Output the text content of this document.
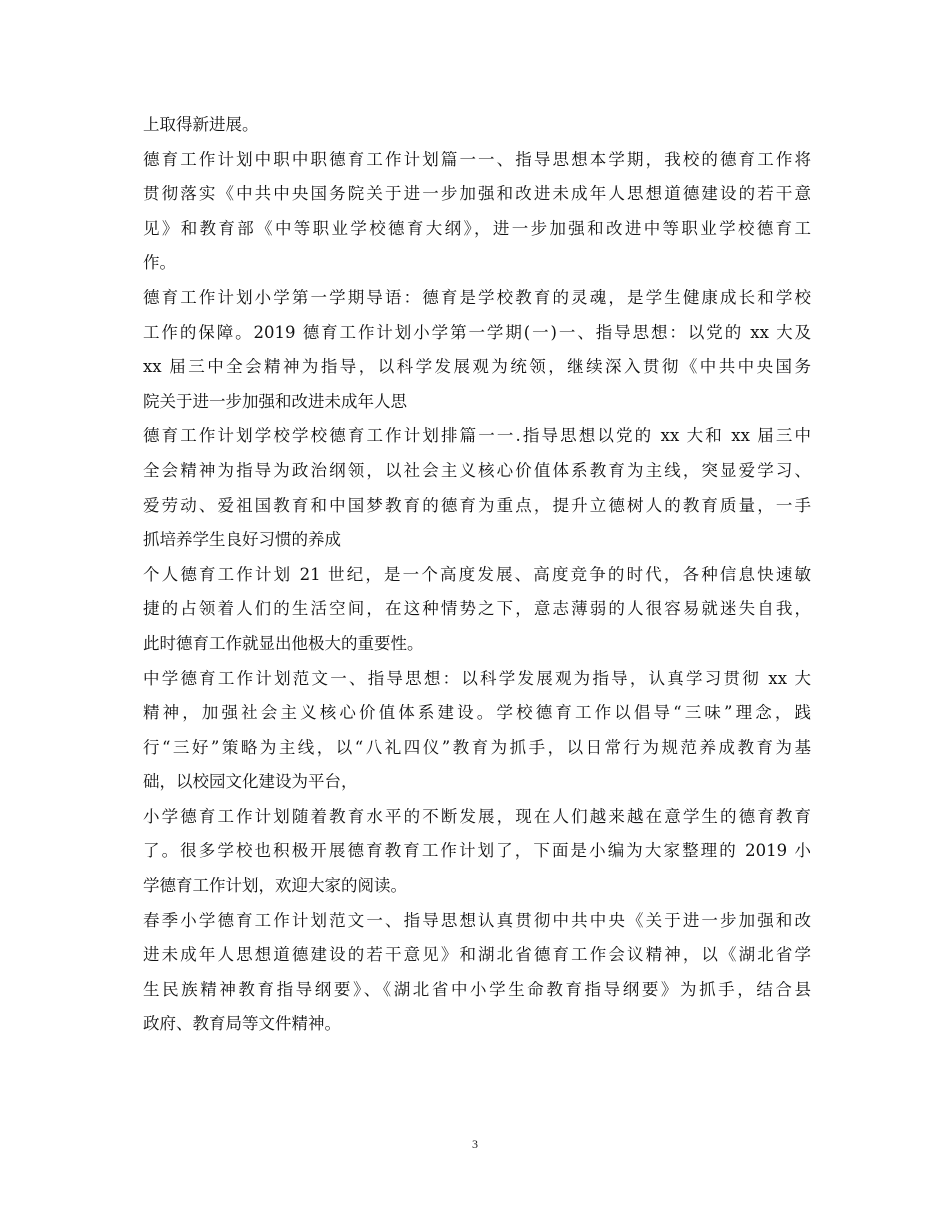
上取得新进展。
德育工作计划中职中职德育工作计划篇一一、指导思想本学期，我校的德育工作将
贯彻落实《中共中央国务院关于进一步加强和改进未成年人思想道德建设的若干意
见》和教育部《中等职业学校德育大纲》，进一步加强和改进中等职业学校德育工
作。
德育工作计划小学第一学期导语：德育是学校教育的灵魂，是学生健康成长和学校
工作的保障。2019 德育工作计划小学第一学期(一)一、指导思想：以党的 xx 大及
xx 届三中全会精神为指导，以科学发展观为统领，继续深入贯彻《中共中央国务
院关于进一步加强和改进未成年人思
德育工作计划学校学校德育工作计划排篇一一.指导思想以党的 xx 大和 xx 届三中
全会精神为指导为政治纲领，以社会主义核心价值体系教育为主线，突显爱学习、
爱劳动、爱祖国教育和中国梦教育的德育为重点，提升立德树人的教育质量，一手
抓培养学生良好习惯的养成
个人德育工作计划 21 世纪，是一个高度发展、高度竞争的时代，各种信息快速敏
捷的占领着人们的生活空间，在这种情势之下，意志薄弱的人很容易就迷失自我，
此时德育工作就显出他极大的重要性。
中学德育工作计划范文一、指导思想：以科学发展观为指导，认真学习贯彻 xx 大
精神，加强社会主义核心价值体系建设。学校德育工作以倡导“三味”理念，践
行“三好”策略为主线，以“八礼四仪”教育为抓手，以日常行为规范养成教育为基
础，以校园文化建设为平台，
小学德育工作计划随着教育水平的不断发展，现在人们越来越在意学生的德育教育
了。很多学校也积极开展德育教育工作计划了，下面是小编为大家整理的 2019 小
学德育工作计划，欢迎大家的阅读。
春季小学德育工作计划范文一、指导思想认真贯彻中共中央《关于进一步加强和改
进未成年人思想道德建设的若干意见》和湖北省德育工作会议精神，以《湖北省学
生民族精神教育指导纲要》、《湖北省中小学生命教育指导纲要》为抓手，结合县
政府、教育局等文件精神。
3
